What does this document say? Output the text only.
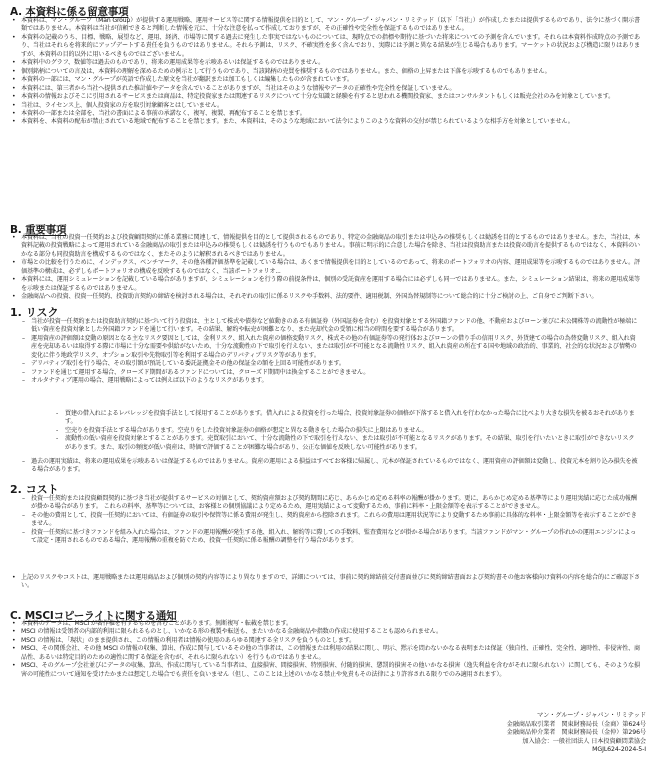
A. 本資料に係る留意事項
• 本資料は、マン・グループ（Man Group）が提供する運用戦略、運用サービス等に関する情報提供を目的として、マン・グループ・ジャパン・リミテッド（以下「当社」）が作成したまたは提供するものであり、法令に基づく開示書類ではありません。本資料は当社が信頼できると判断した情報を元に、十分な注意を払って作成しておりますが、その正確性や完全性を保証するものではありません。
• 本資料の記載のうち、目標、戦略、展望など、運用、経済、市場等に関する過去に発生した事実ではないものについては、現時点での指標や期待に基づいた将来についての予測を含んでいます。それらは本資料作成時点の予測であり、当社はそれらを将来的にアップデートする責任を負うものではありません。それら予測は、リスク、不確実性を多く含んでおり、実際には予測と異なる結果が生じる場合もあります。マーケットの状況および構造に限りはありますが、本資料の目的以外に用いるべきものではございません。
• 本資料中のグラフ、数値等は過去のものであり、将来の運用成果等を示唆あるいは保証するものではありません。
• 個別銘柄についての言及は、本資料の理解を深めるための例示として行うものであり、当該銘柄の売買を推奨するものではありません。また、価格の上昇または下落を示唆するものでもありません。
• 本資料の一部には、マン・グループが英語で作成した原文を当社が翻訳または加工もしくは編集したものが含まれています。
• 本資料には、第三者から当社へ提供された推計値やデータを含んでいることがありますが、当社はそのような情報やデータの正確性や完全性を保証していません。
• 本資料の情報およびそこに引用されるサービスまたは商品は、特定投資家または関連するリスクについて十分な知識と経験を有すると思われる機関投資家、またはコンサルタントもしくは販売会社のみを対象としています。
• 当社は、ライセンス上、個人投資家の方を取引対象顧客とはしていません。
• 本資料の一部または全部を、当社の書面による事前の承諾なく、複写、複製、再配布することを禁じます。
• 本資料を、本資料の配布が禁止されている地域で配布することを禁じます。また、本資料は、そのような地域において法令によりこのような資料の交付が禁じられているような相手方を対象としていません。
B. 重要事項
• 本資料は、当社の投資一任契約および投資顧問契約に係る業務に関連して、情報提供を目的として提供されるものであり、特定の金融商品の取引または申込みの推奨もしくは勧誘を目的とするものではありません。また、当社は、本資料記載の投資戦略によって運用されている金融商品の取引または申込みの推奨もしくは勧誘を行うものでもありません。事前に明示的に合意した場合を除き、当社は投資助言または投資の助言を提供するものではなく、本資料のいかなる部分も同投資助言を構成するものではなく、またそのように解釈されるべきではありません。
• 市場との比較を行うために、インデックス、ベンチマーク、その他各種評価基準を記載している場合は、あくまで情報提供を目的としているのであって、将来のポートフォリオの内容、運用成果等を示唆するものではありません。評価基準の構成は、必ずしもポートフォリオの構成を反映するものではなく、当該ポートフォリオ...
• 本資料には、運用シミュレーションを記載している場合がありますが、シミュレーションを行う際の前提条件は、個別の受託資産を運用する場合には必ずしも同一ではありません。また、シミュレーション結果は、将来の運用成果等を示唆または保証するものではありません。
• 金融商品への投資、投資一任契約、投資助言契約の締結を検討される場合は、それぞれの取引に係るリスクや手数料、法的要件、適用税制、外国為替規制等について総合的に十分ご検討の上、ご自身でご判断下さい。
1. リスク
– 当社が投資一任契約または投資助言契約に基づいて行う投資は、主として株式や債券など値動きのある有価証券（外国証券を含む）を投資対象とする外国籍ファンドの他、不動産およびローン並びに未公開株等の流動性が極端に低い資産を投資対象とした外国籍ファンドを通じて行います。その結果、解約や転売が困難となり、また売却代金の受領に相当の時間を要する場合があります。
– 運用資産の評価額は変動の原因となる主なリスク要因としては、金利リスク、組入れた資産の価格変動リスク、株式その他の有価証券等の発行体およびローンの借り手の信用リスク、外貨建ての場合の為替変動リスク、組入れ資産を売却あるいは取得する際に市場に十分な需要や供給がないため、十分な流動性の下で取引を行えない、または取引が不可能となる流動性リスク、組入れ資産の所在する国や地域の政治的、事業的、社会的な状況および情勢の変化に伴う地政学リスク、オプション取引や先物取引等を利用する場合のデリバティブリスク等があります。
– デリバティブ取引を行う場合、その取引額が預託している委託証拠金その他の保証金の額を上回る可能性があります。
– ファンドを通じて運用する場合、クローズド期間があるファンドについては、クローズド期間中は換金することができません。
– オルタナティブ運用の場合、運用戦略によっては例えば以下のようなリスクがあります。
‐ 買建の借入れによるレバレッジを投資手法として採用することがあります。借入れによる投資を行った場合、投資対象証券の価格が下落すると借入れを行わなかった場合に比べより大きな損失を被るおそれがあります。
‐ 空売りを投資手法とする場合があります。空売りをした投資対象証券の価格が想定と異なる動きをした場合の損失に上限はありません。
‐ 流動性の低い資産を投資対象とすることがあります。売買取引において、十分な流動性の下で取引を行えない、または取引が不可能となるリスクがあります。その結果、取引を行いたいときに取引ができないリスクがあります。また、取引の頻度が低い資産は、時価で評価することが困難な場合があり、公正な価値を反映しない可能性があります。
– 過去の運用実績は、将来の運用成果を示唆あるいは保証するものではありません。資産の運用による損益はすべてお客様に帰属し、元本が保証されているものではなく、運用資産の評価額は変動し、投資元本を割り込み損失を被る場合があります。
2. コスト
– 投資一任契約または投資顧問契約に基づき当社が提供するサービスの対価として、契約資産額および契約期間に応じ、あらかじめ定める料率の報酬が掛かります。更に、あらかじめ定める基準等により運用実績に応じた成功報酬が掛かる場合があります。 これらの料率、基準等については、お客様との個別協議により定めるため、運用実績によって変動するため、事前に料率・上限金額等を表示することができません。
– その他の費用として、投資一任契約においては、有価証券の取引や保管等に係る費用が発生し、契約資産から控除されます。これらの費用は運用状況等により変動するため事前に具体的な料率・上限金額等を表示することができません。
– 投資一任契約に基づきファンドを組み入れた場合は、ファンドの運用報酬が発生する他、組入れ、解約等に際しての手数料、監査費用などが掛かる場合があります。当該ファンドがマン・グループの作れかの運用エンジンによって設定・運用されるものである場合、運用報酬の重複を防ぐため、投資一任契約に係る報酬の調整を行う場合があります。
• 上記のリスクやコストは、運用戦略または運用商品および個別の契約内容等により異なりますので、詳細については、事前に契約締結前交付書面並びに契約締結書面および契約書その他お客様向け資料の内容を総合的にご確認下さい。
C. MSCIコピーライトに関する通知
• 本資料のデータは、MSCI が著作権を有するものを含むことがあります。無断複写・転載を禁じます。
• MSCI の情報は受領者の内部的利用に限られるものとし、いかなる形の複製や転送も、またいかなる金融商品や指数の作成に使用することも認められません。
• MSCI の情報は、「現状」のまま提供され、この情報の利用者は情報の使用のあらゆる関連する全リスクを負うものとします。
• MSCI、その関係会社、その他 MSCI の情報の収集、算出、作成に関与しているその他の当事者は、この情報または利用の結果に関し、明示、黙示を問わないかなる表明または保証（独自性、正確性、完全性、適時性、非侵害性、商品性、あるいは特定目的のための適性に関する保証を含むが、それらに限られない）を行うものではありません。
• MSCI、そのグループ会社並びにデータの収集、算出、作成に関与している当事者は、直接損害、間接損害、特別損害、付随的損害、懲罰的損害その他いかなる損害（逸失利益を含むがそれに限られない）に関しても、そのような損害の可能性について通知を受けたかまたは想定した場合でも責任を負いません（但し、このことは上述のいかなる禁止や免責もその法律により許容される限りでのみ適用されます）。
マン・グループ・ジャパン・リミテッド
金融商品取引業者　関東財務局長（金商）第624号
金融商品仲介業者　関東財務局長（金仲）第296号
加入協会：一般社団法人 日本投資顧問業協会
MGJL624-2024-5-I
